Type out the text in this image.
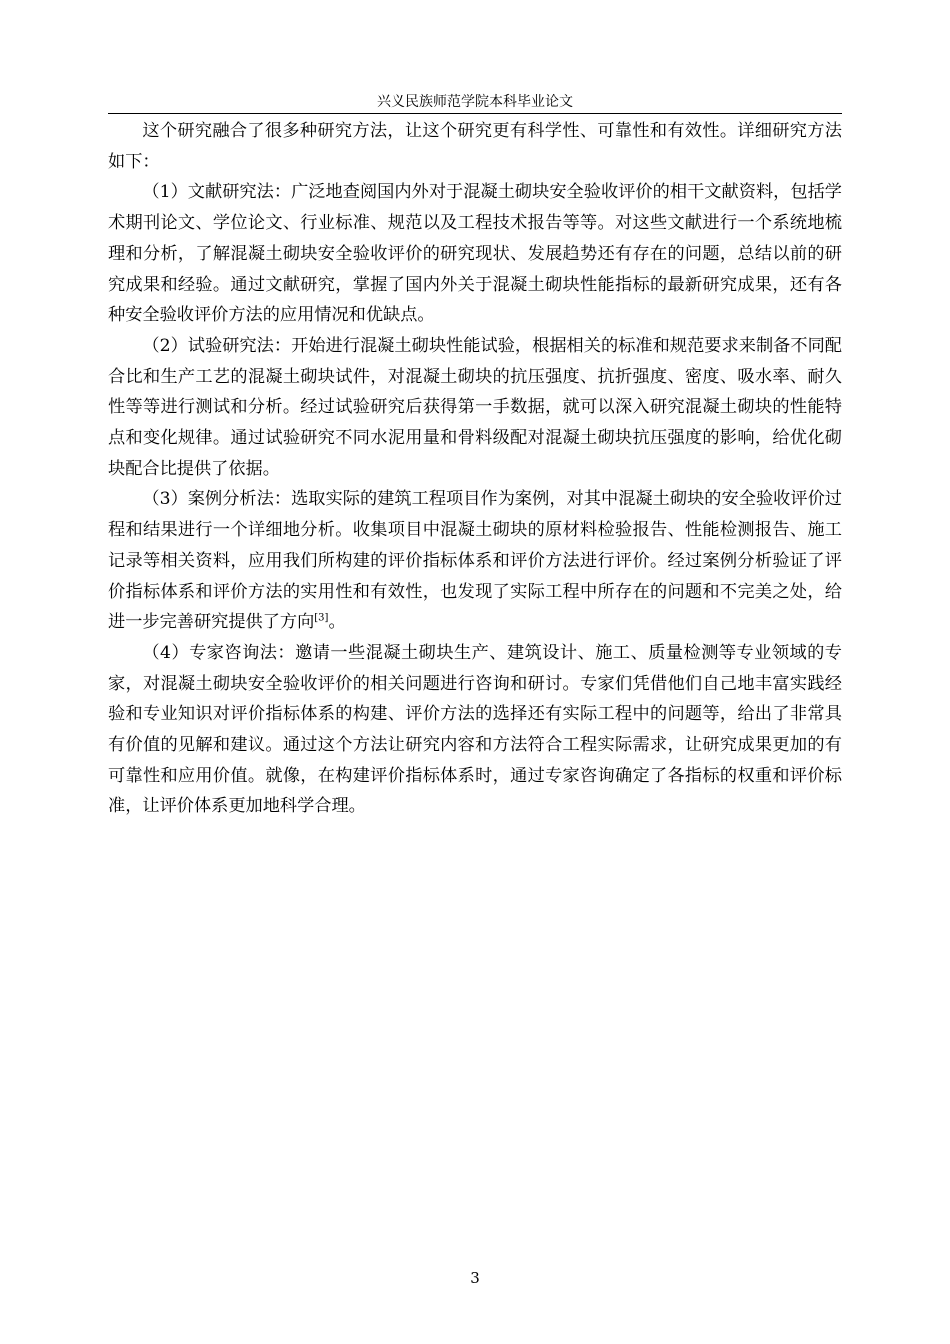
兴义民族师范学院本科毕业论文

这个研究融合了很多种研究方法，让这个研究更有科学性、可靠性和有效性。详细研究方法如下：

（1）文献研究法：广泛地查阅国内外对于混凝土砌块安全验收评价的相干文献资料，包括学术期刊论文、学位论文、行业标准、规范以及工程技术报告等等。对这些文献进行一个系统地梳理和分析，了解混凝土砌块安全验收评价的研究现状、发展趋势还有存在的问题，总结以前的研究成果和经验。通过文献研究，掌握了国内外关于混凝土砌块性能指标的最新研究成果，还有各种安全验收评价方法的应用情况和优缺点。

（2）试验研究法：开始进行混凝土砌块性能试验，根据相关的标准和规范要求来制备不同配合比和生产工艺的混凝土砌块试件，对混凝土砌块的抗压强度、抗折强度、密度、吸水率、耐久性等等进行测试和分析。经过试验研究后获得第一手数据，就可以深入研究混凝土砌块的性能特点和变化规律。通过试验研究不同水泥用量和骨料级配对混凝土砌块抗压强度的影响，给优化砌块配合比提供了依据。

（3）案例分析法：选取实际的建筑工程项目作为案例，对其中混凝土砌块的安全验收评价过程和结果进行一个详细地分析。收集项目中混凝土砌块的原材料检验报告、性能检测报告、施工记录等相关资料，应用我们所构建的评价指标体系和评价方法进行评价。经过案例分析验证了评价指标体系和评价方法的实用性和有效性，也发现了实际工程中所存在的问题和不完美之处，给进一步完善研究提供了方向[3]。

（4）专家咨询法：邀请一些混凝土砌块生产、建筑设计、施工、质量检测等专业领域的专家，对混凝土砌块安全验收评价的相关问题进行咨询和研讨。专家们凭借他们自己地丰富实践经验和专业知识对评价指标体系的构建、评价方法的选择还有实际工程中的问题等，给出了非常具有价值的见解和建议。通过这个方法让研究内容和方法符合工程实际需求，让研究成果更加的有可靠性和应用价值。就像，在构建评价指标体系时，通过专家咨询确定了各指标的权重和评价标准，让评价体系更加地科学合理。

3
